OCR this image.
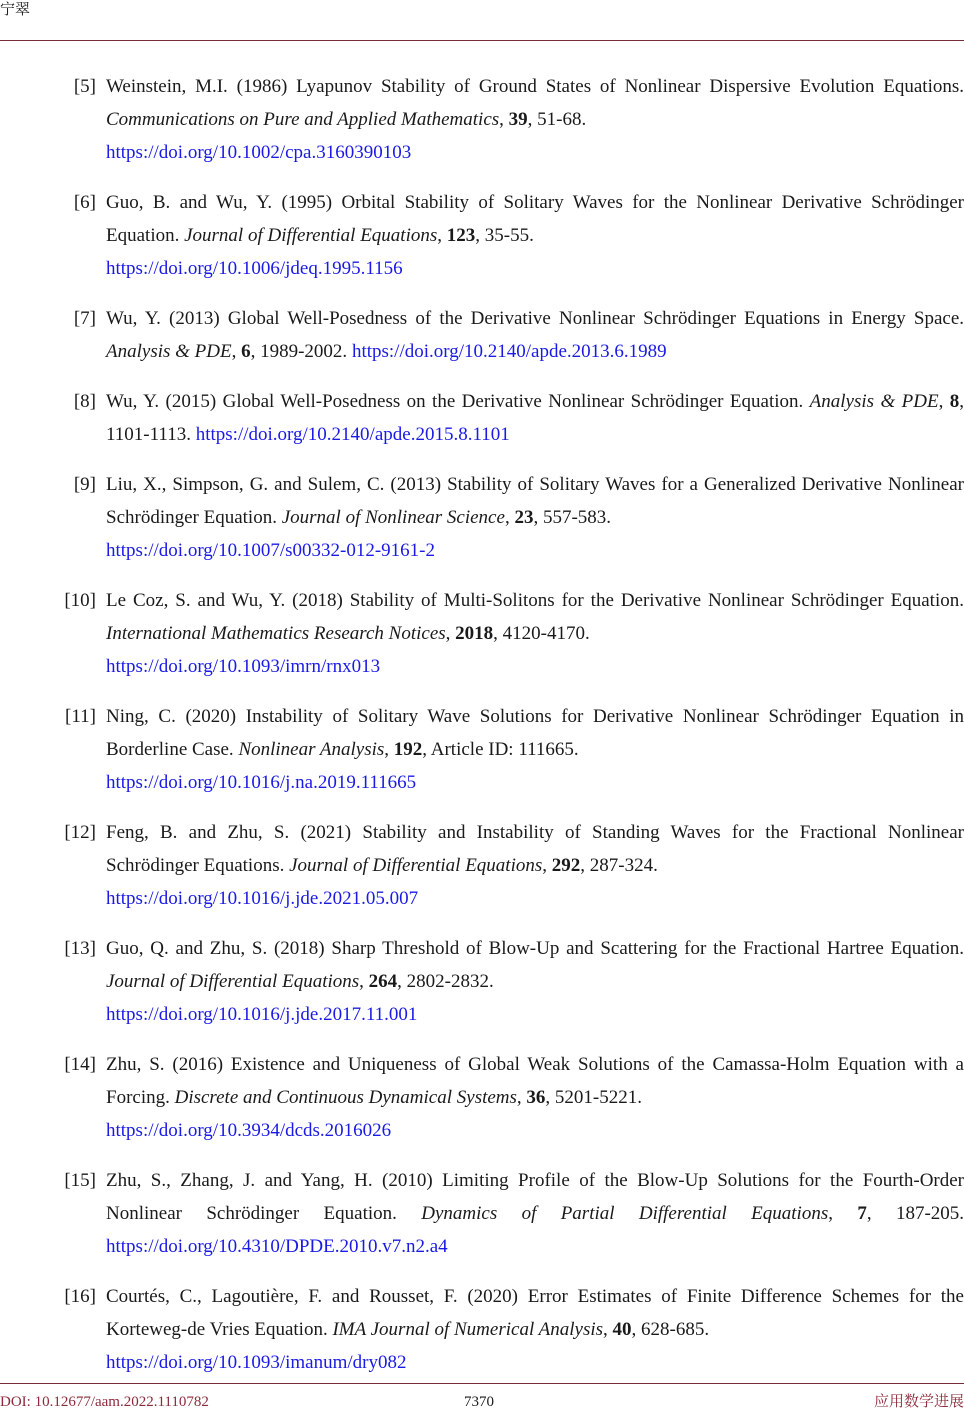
宁翠
[5] Weinstein, M.I. (1986) Lyapunov Stability of Ground States of Nonlinear Dispersive Evolution Equations. Communications on Pure and Applied Mathematics, 39, 51-68.
https://doi.org/10.1002/cpa.3160390103
[6] Guo, B. and Wu, Y. (1995) Orbital Stability of Solitary Waves for the Nonlinear Derivative Schrödinger Equation. Journal of Differential Equations, 123, 35-55.
https://doi.org/10.1006/jdeq.1995.1156
[7] Wu, Y. (2013) Global Well-Posedness of the Derivative Nonlinear Schrödinger Equations in Energy Space. Analysis & PDE, 6, 1989-2002. https://doi.org/10.2140/apde.2013.6.1989
[8] Wu, Y. (2015) Global Well-Posedness on the Derivative Nonlinear Schrödinger Equation. Analysis & PDE, 8, 1101-1113. https://doi.org/10.2140/apde.2015.8.1101
[9] Liu, X., Simpson, G. and Sulem, C. (2013) Stability of Solitary Waves for a Generalized Derivative Nonlinear Schrödinger Equation. Journal of Nonlinear Science, 23, 557-583.
https://doi.org/10.1007/s00332-012-9161-2
[10] Le Coz, S. and Wu, Y. (2018) Stability of Multi-Solitons for the Derivative Nonlinear Schrödinger Equation. International Mathematics Research Notices, 2018, 4120-4170.
https://doi.org/10.1093/imrn/rnx013
[11] Ning, C. (2020) Instability of Solitary Wave Solutions for Derivative Nonlinear Schrödinger Equation in Borderline Case. Nonlinear Analysis, 192, Article ID: 111665.
https://doi.org/10.1016/j.na.2019.111665
[12] Feng, B. and Zhu, S. (2021) Stability and Instability of Standing Waves for the Fractional Nonlinear Schrödinger Equations. Journal of Differential Equations, 292, 287-324.
https://doi.org/10.1016/j.jde.2021.05.007
[13] Guo, Q. and Zhu, S. (2018) Sharp Threshold of Blow-Up and Scattering for the Fractional Hartree Equation. Journal of Differential Equations, 264, 2802-2832.
https://doi.org/10.1016/j.jde.2017.11.001
[14] Zhu, S. (2016) Existence and Uniqueness of Global Weak Solutions of the Camassa-Holm Equation with a Forcing. Discrete and Continuous Dynamical Systems, 36, 5201-5221.
https://doi.org/10.3934/dcds.2016026
[15] Zhu, S., Zhang, J. and Yang, H. (2010) Limiting Profile of the Blow-Up Solutions for the Fourth-Order Nonlinear Schrödinger Equation. Dynamics of Partial Differential Equations, 7, 187-205. https://doi.org/10.4310/DPDE.2010.v7.n2.a4
[16] Courtés, C., Lagoutière, F. and Rousset, F. (2020) Error Estimates of Finite Difference Schemes for the Korteweg-de Vries Equation. IMA Journal of Numerical Analysis, 40, 628-685.
https://doi.org/10.1093/imanum/dry082
DOI: 10.12677/aam.2022.1110782	7370	应用数学进展
